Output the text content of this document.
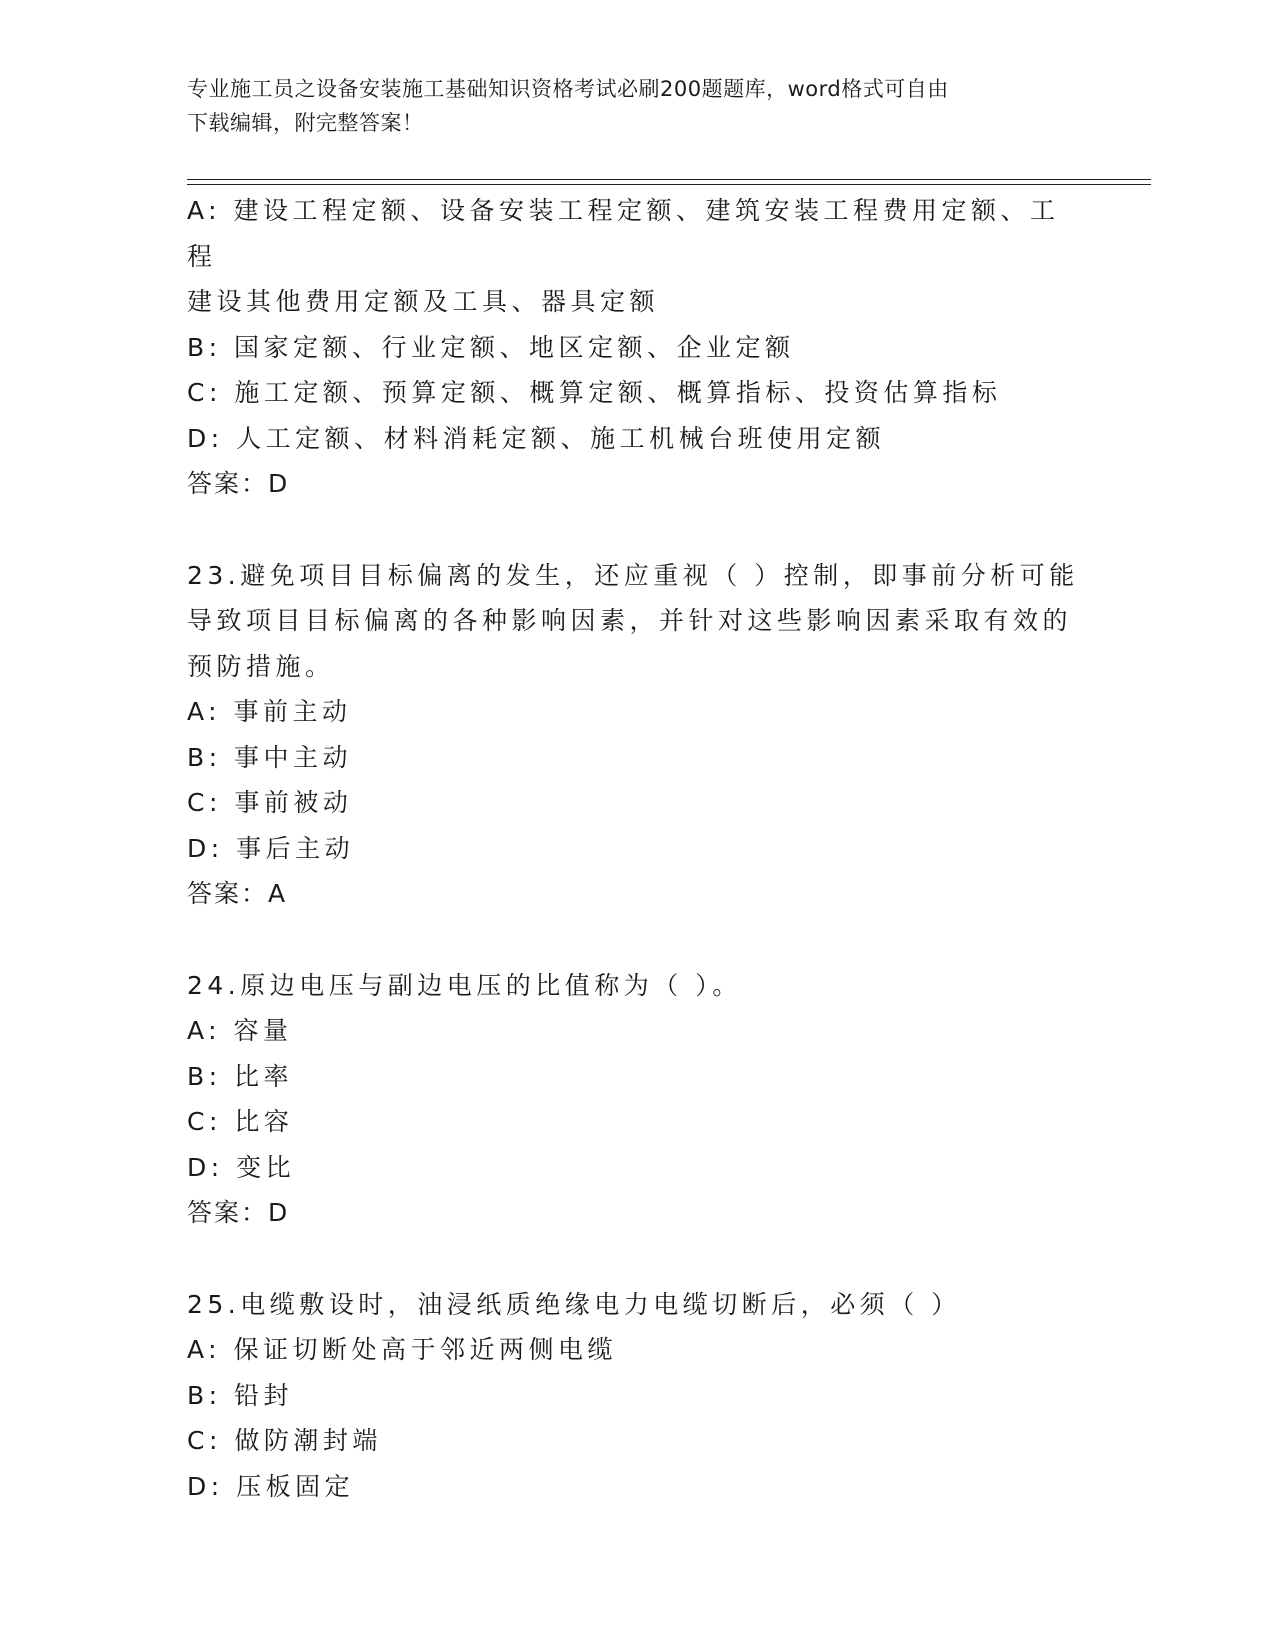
专业施工员之设备安装施工基础知识资格考试必刷200题题库，word格式可自由
下载编辑，附完整答案！

A: 建设工程定额、设备安装工程定额、建筑安装工程费用定额、工程

建设其他费用定额及工具、器具定额

B: 国家定额、行业定额、地区定额、企业定额

C: 施工定额、预算定额、概算定额、概算指标、投资估算指标

D: 人工定额、材料消耗定额、施工机械台班使用定额

答案：D

23.避免项目目标偏离的发生，还应重视（ ）控制，即事前分析可能

导致项目目标偏离的各种影响因素，并针对这些影响因素采取有效的

预防措施。

A: 事前主动

B: 事中主动

C: 事前被动

D: 事后主动

答案：A

24.原边电压与副边电压的比值称为（ ）。

A: 容量

B: 比率

C: 比容

D: 变比

答案：D

25.电缆敷设时，油浸纸质绝缘电力电缆切断后，必须（ ）

A: 保证切断处高于邻近两侧电缆

B: 铅封

C: 做防潮封端

D: 压板固定
